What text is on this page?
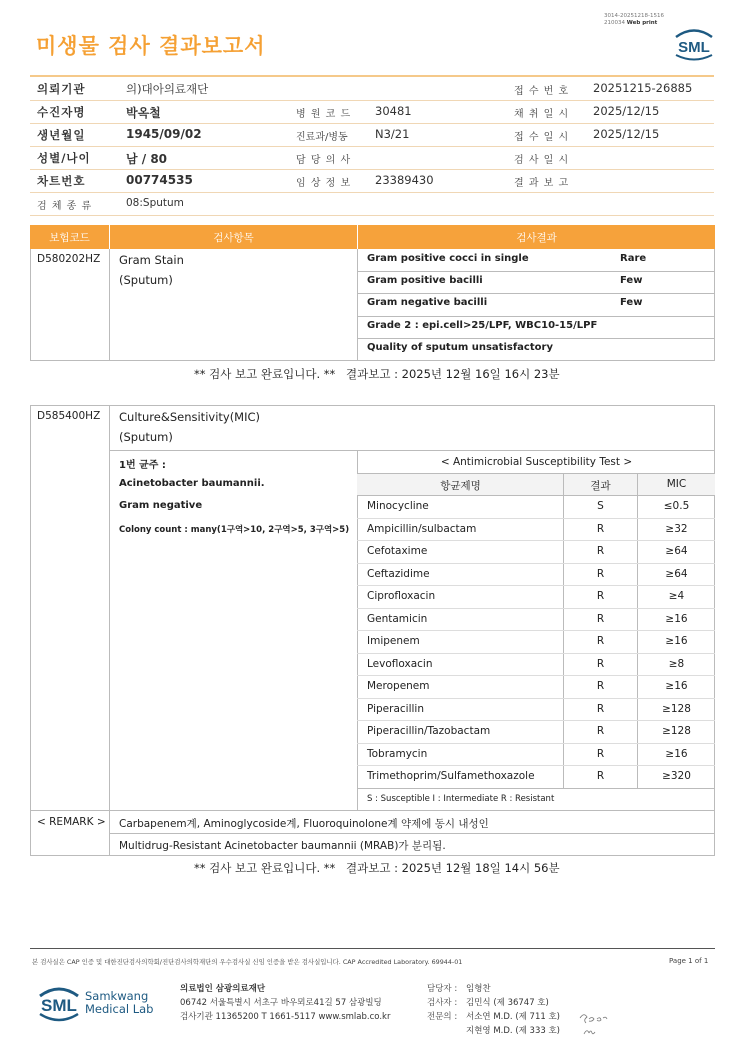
3014-20251218-1516
210034 Web print
미생물 검사 결과보고서	SML
의뢰기관	의)대아의료재단	접 수 번 호 20251215-26885
수진자명	박옥철	병 원 코 드 30481	채 취 일 시 2025/12/15
생년월일	1945/09/02	진료과/병동 N3/21	접 수 일 시 2025/12/15
성별/나이	남 / 80	담 당 의 사	검 사 일 시
차트번호	00774535	임 상 정 보 23389430	결 과 보 고
검 체 종 류	08:Sputum
보험코드	검사항목	검사결과
D580202HZ Gram Stain
(Sputum)
Gram positive cocci in single	Rare
Gram positive bacilli	Few
Gram negative bacilli	Few
Grade 2 : epi.cell>25/LPF, WBC10-15/LPF
Quality of sputum unsatisfactory
** 검사 보고 완료입니다. ** 결과보고 : 2025년 12월 16일 16시 23분
D585400HZ Culture&Sensitivity(MIC)
(Sputum)
1번 균주 :
Acinetobacter baumannii.
Gram negative
Colony count : many(1구역>10, 2구역>5, 3구역>5)
< Antimicrobial Susceptibility Test >
항균제명	결과	MIC
Minocycline	S	≤0.5
Ampicillin/sulbactam	R	≥32
Cefotaxime	R	≥64
Ceftazidime	R	≥64
Ciprofloxacin	R	≥4
Gentamicin	R	≥16
Imipenem	R	≥16
Levofloxacin	R	≥8
Meropenem	R	≥16
Piperacillin	R	≥128
Piperacillin/Tazobactam	R	≥128
Tobramycin	R	≥16
Trimethoprim/Sulfamethoxazole	R	≥320
S : Susceptible I : Intermediate R : Resistant
< REMARK > Carbapenem계, Aminoglycoside계, Fluoroquinolone계 약제에 동시 내성인
Multidrug-Resistant Acinetobacter baumannii (MRAB)가 분리됨.
** 검사 보고 완료입니다. ** 결과보고 : 2025년 12월 18일 14시 56분
본 검사실은 CAP 인증 및 대한진단검사의학회/진단검사의학재단의 우수검사실 신임 인증을 받은 검사실입니다. CAP Accredited Laboratory. 69944-01	Page 1 of 1
SML Samkwang
Medical Lab
의료법인 삼광의료재단
06742 서울특별시 서초구 바우뫼로41길 57 삼광빌딩
검사기관 11365200 T 1661-5117 www.smlab.co.kr
담당자 : 임형찬
검사자 : 김민식 (제 36747 호)
전문의 : 서소연 M.D. (제 711 호)
지현영 M.D. (제 333 호)
